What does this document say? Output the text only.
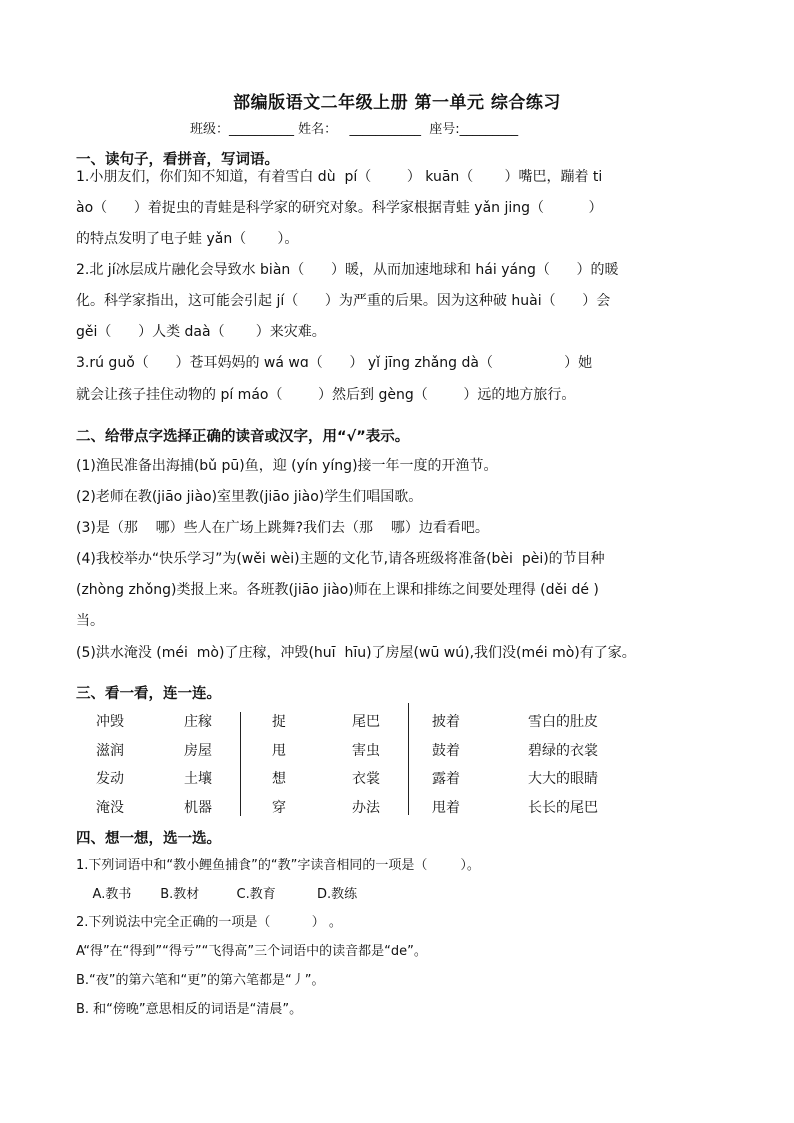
部编版语文二年级上册 第一单元 综合练习
班级：__________ 姓名：   ___________  座号:_________
一、读句子，看拼音，写词语。
1.小朋友们，你们知不知道，有着雪白 dù  pí（        ） kuān（       ）嘴巴，蹦着 ti
ào（      ）着捉虫的青蛙是科学家的研究对象。科学家根据青蛙 yǎn jing（          ）
的特点发明了电子蛙 yǎn（       ）。
2.北 jí冰层成片融化会导致水 biàn（      ）暖，从而加速地球和 hái yáng（      ）的暖
化。科学家指出，这可能会引起 jí（      ）为严重的后果。因为这种破 huài（      ）会
gěi（      ）人类 daà（       ）来灾难。
3.rú guǒ（      ）苍耳妈妈的 wá wɑ（      ） yǐ jīng zhǎng dà（                ）她
就会让孩子挂住动物的 pí máo（        ）然后到 gèng（        ）远的地方旅行。
二、给带点字选择正确的读音或汉字，用“√”表示。
(1)渔民准备出海捕(bǔ pū)鱼，迎 (yín yíng)接一年一度的开渔节。
(2)老师在教(jiāo jiào)室里教(jiāo jiào)学生们唱国歌。
(3)是（那    哪）些人在广场上跳舞?我们去（那    哪）边看看吧。
(4)我校举办“快乐学习”为(wěi wèi)主题的文化节,请各班级将准备(bèi  pèi)的节目种
(zhòng zhǒng)类报上来。各班教(jiāo jiào)师在上课和排练之间要处理得 (děi dé )
当。
(5)洪水淹没 (méi  mò)了庄稼，冲毁(huī  hīu)了房屋(wū wú),我们没(méi mò)有了家。
三、看一看，连一连。
冲毁
滋润
发动
淹没
庄稼
房屋
土壤
机器
捉
甩
想
穿
尾巴
害虫
衣裳
办法
披着
鼓着
露着
甩着
雪白的肚皮
碧绿的衣裳
大大的眼睛
长长的尾巴
四、想一想，选一选。
1.下列词语中和“教小鲤鱼捕食”的“教”字读音相同的一项是（        ）。
A.教书       B.教材         C.教育          D.教练
2.下列说法中完全正确的一项是（          ） 。
A“得”在“得到”“得亏”“飞得高”三个词语中的读音都是“de”。
B.“夜”的第六笔和“更”的第六笔都是“丿”。
B. 和“傍晚”意思相反的词语是“清晨”。
